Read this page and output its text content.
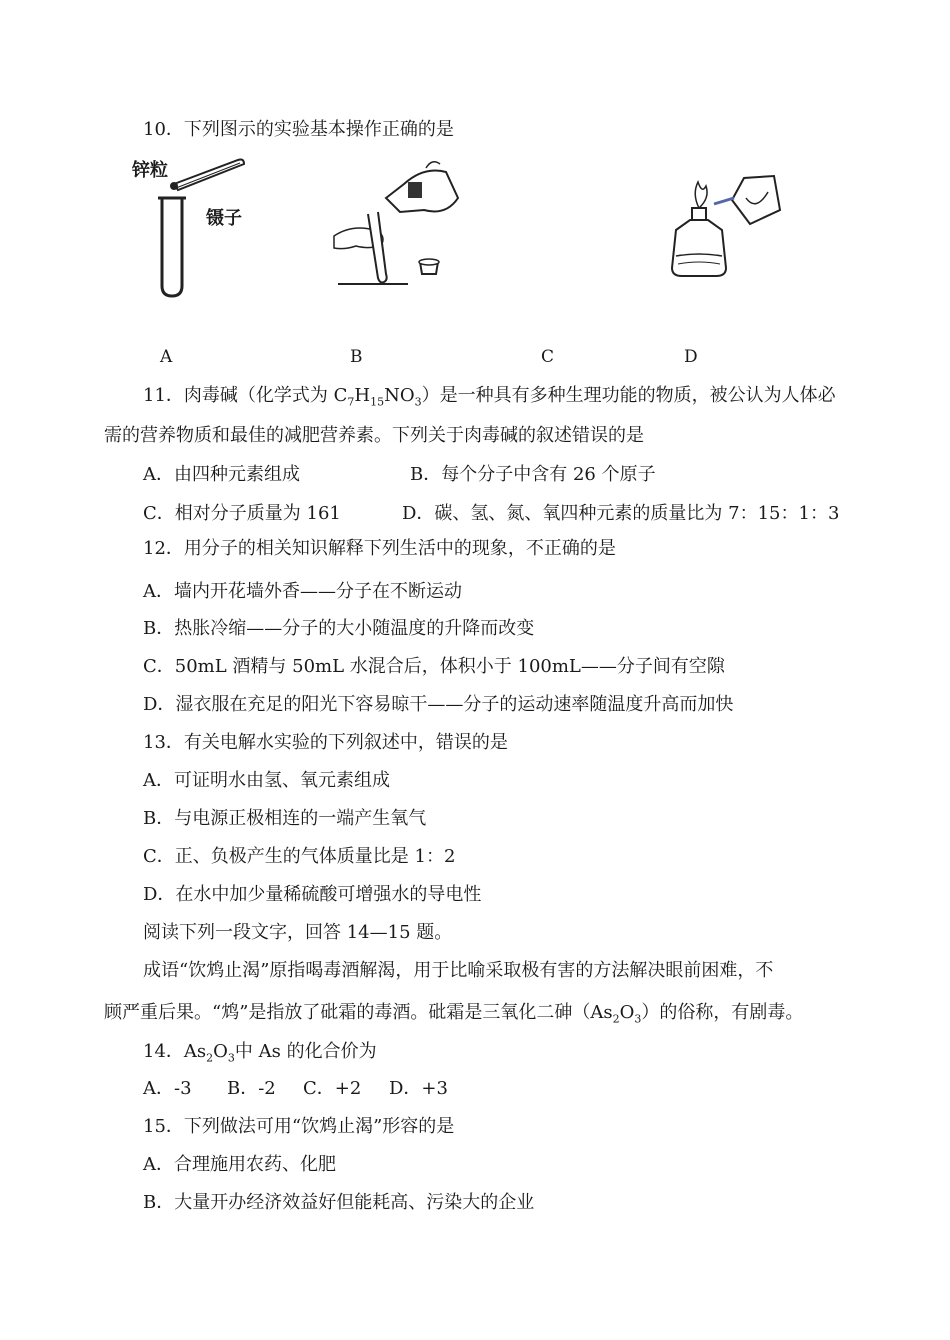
10．下列图示的实验基本操作正确的是
锌粒
镊子
A	B	C	D
11．肉毒碱（化学式为 $C_7H_{15}NO_3$）是一种具有多种生理功能的物质，被公认为人体必
需的营养物质和最佳的减肥营养素。下列关于肉毒碱的叙述错误的是
A．由四种元素组成	B．每个分子中含有 26 个原子
C．相对分子质量为 161	D．碳、氢、氮、氧四种元素的质量比为 7：15：1：3
12．用分子的相关知识解释下列生活中的现象，不正确的是
A．墙内开花墙外香——分子在不断运动
B．热胀冷缩——分子的大小随温度的升降而改变
C．50mL 酒精与 50mL 水混合后，体积小于 100mL——分子间有空隙
D．湿衣服在充足的阳光下容易晾干——分子的运动速率随温度升高而加快
13．有关电解水实验的下列叙述中，错误的是
A．可证明水由氢、氧元素组成
B．与电源正极相连的一端产生氧气
C．正、负极产生的气体质量比是 1：2
D．在水中加少量稀硫酸可增强水的导电性
阅读下列一段文字，回答 14—15 题。
成语“饮鸩止渴”原指喝毒酒解渴，用于比喻采取极有害的方法解决眼前困难，不
顾严重后果。“鸩”是指放了砒霜的毒酒。砒霜是三氧化二砷$(As_2O_3)$的俗称，有剧毒。
14．$As_2O_3$中 As 的化合价为
A．-3 B．-2 C．+2 D．+3
15．下列做法可用“饮鸩止渴”形容的是
A．合理施用农药、化肥
B．大量开办经济效益好但能耗高、污染大的企业
